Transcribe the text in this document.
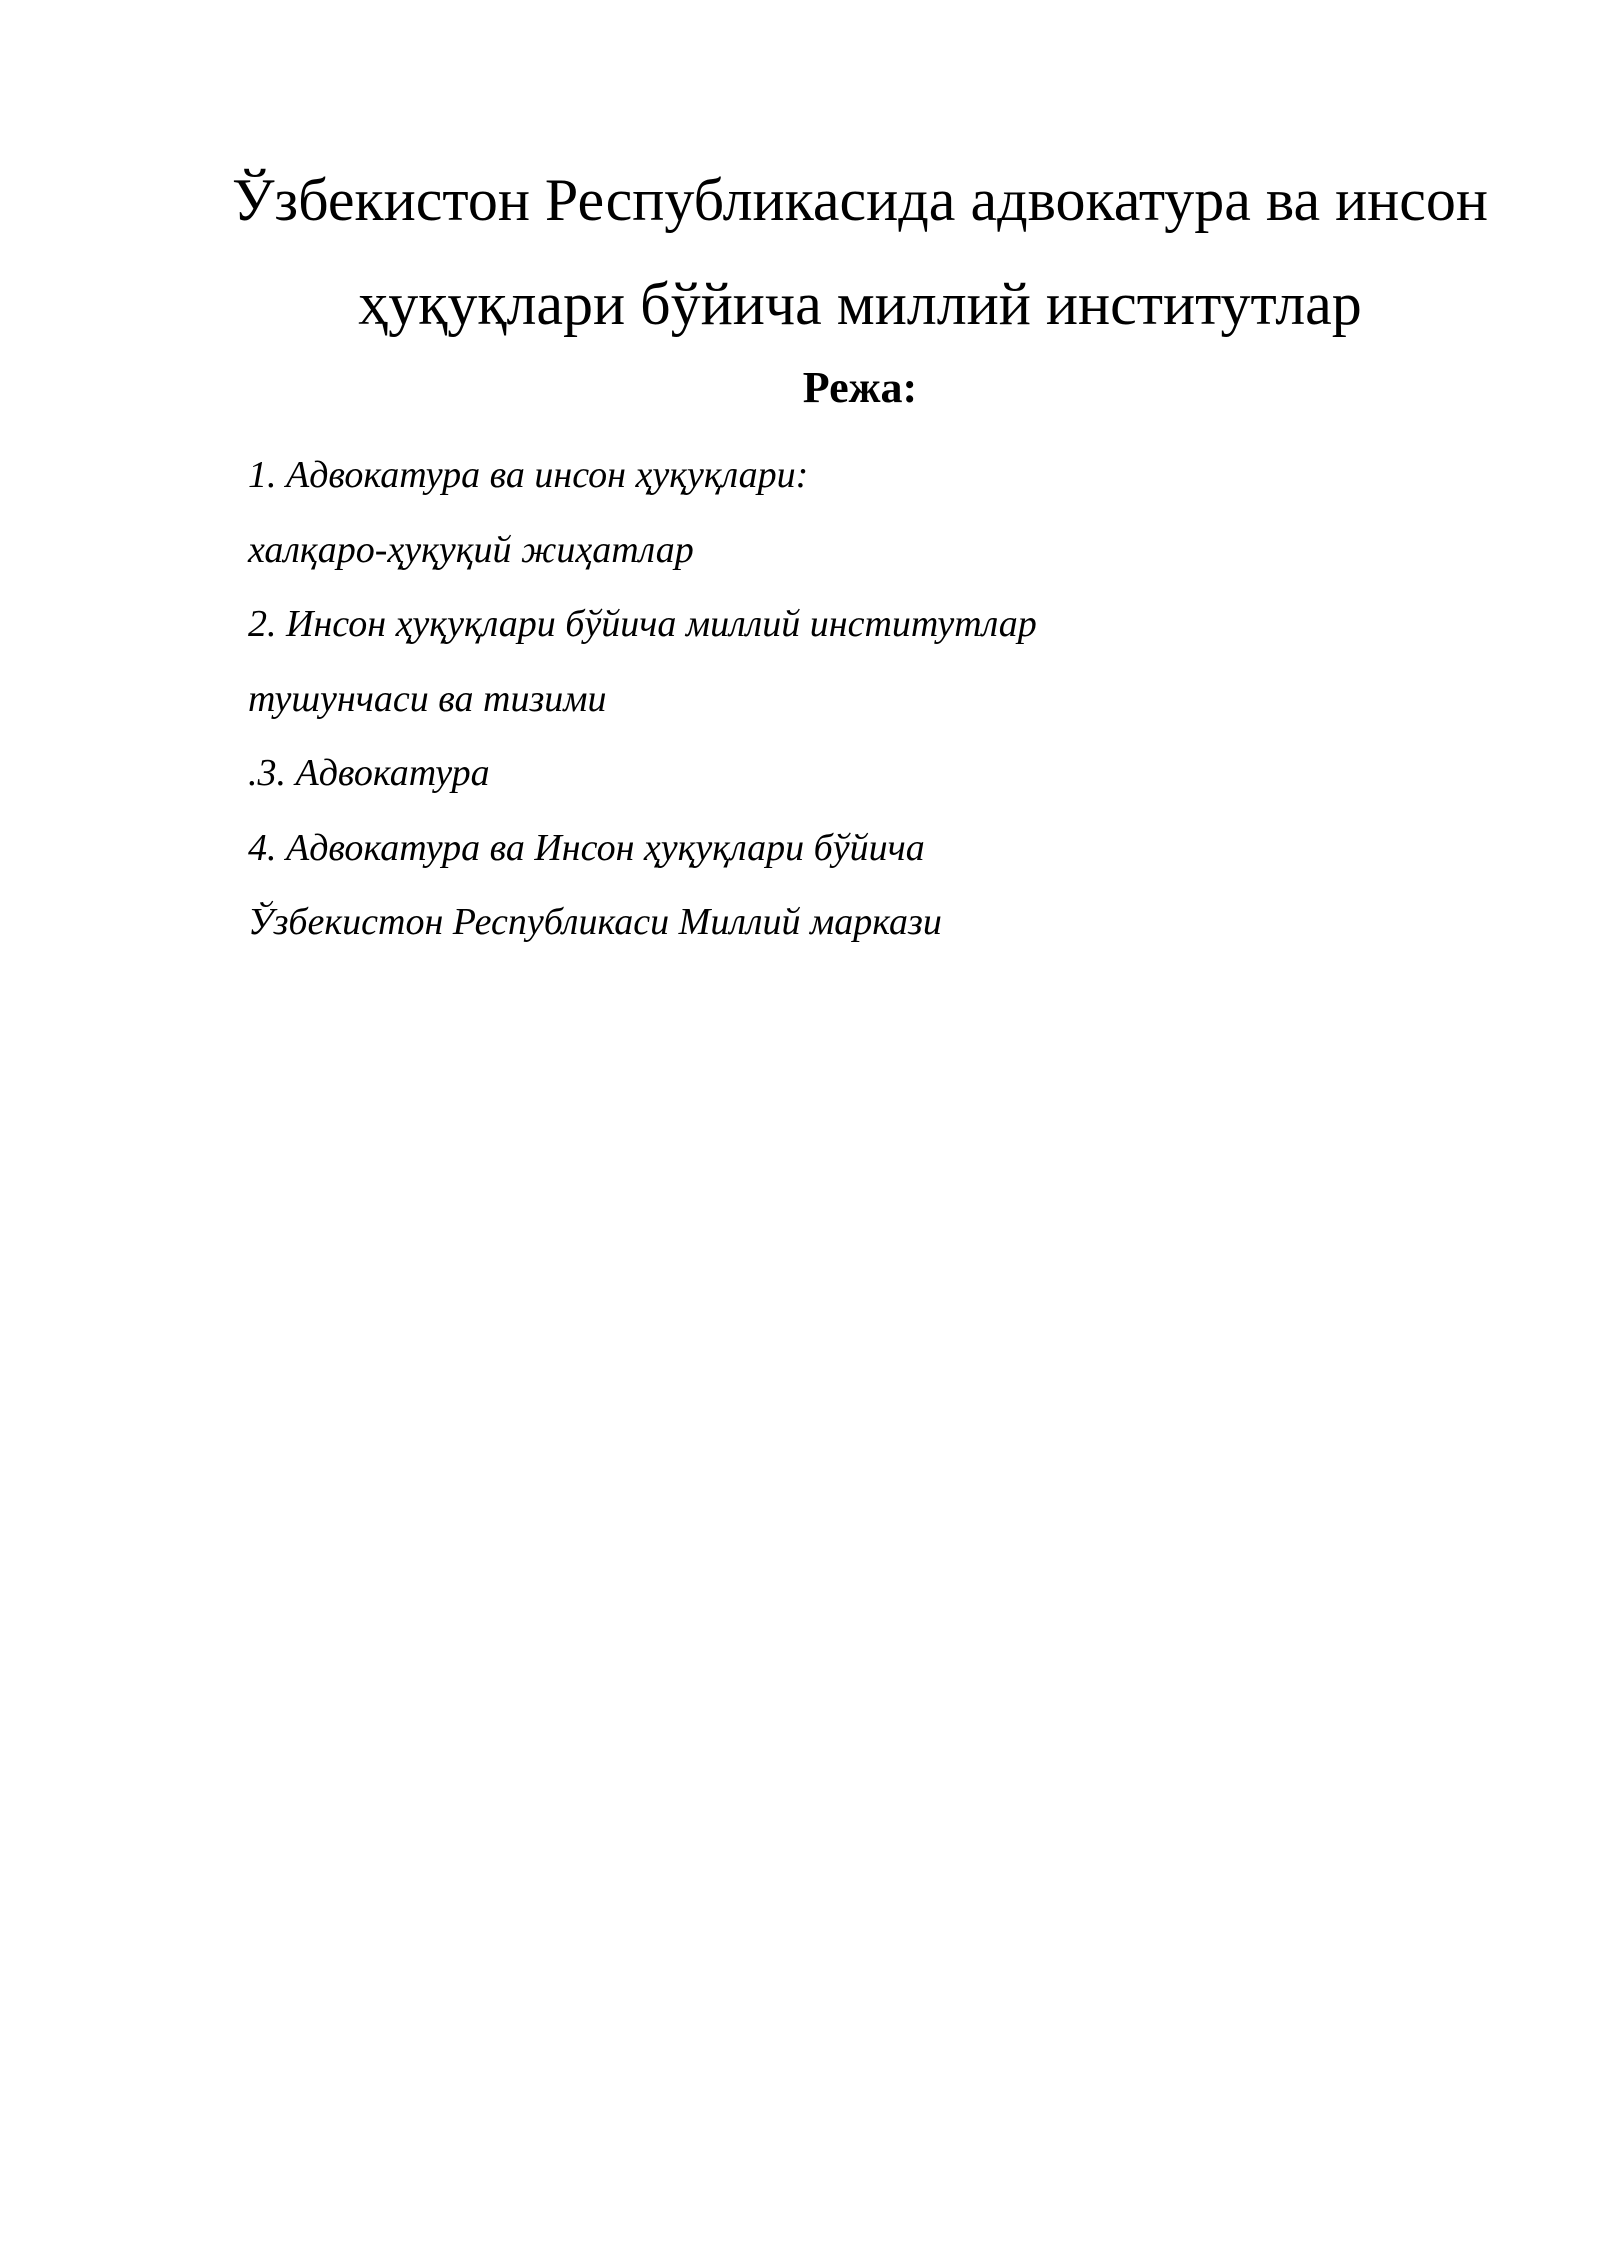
Ўзбекистон Республикасида адвокатура ва инсон
ҳуқуқлари бўйича миллий институтлар
Режа:
1. Адвокатура ва инсон ҳуқуқлари:
халқаро-ҳуқуқий жиҳатлар
2. Инсон ҳуқуқлари бўйича миллий институтлар
тушунчаси ва тизими
.3. Адвокатура
4. Адвокатура ва Инсон ҳуқуқлари бўйича
Ўзбекистон Республикаси Миллий маркази
